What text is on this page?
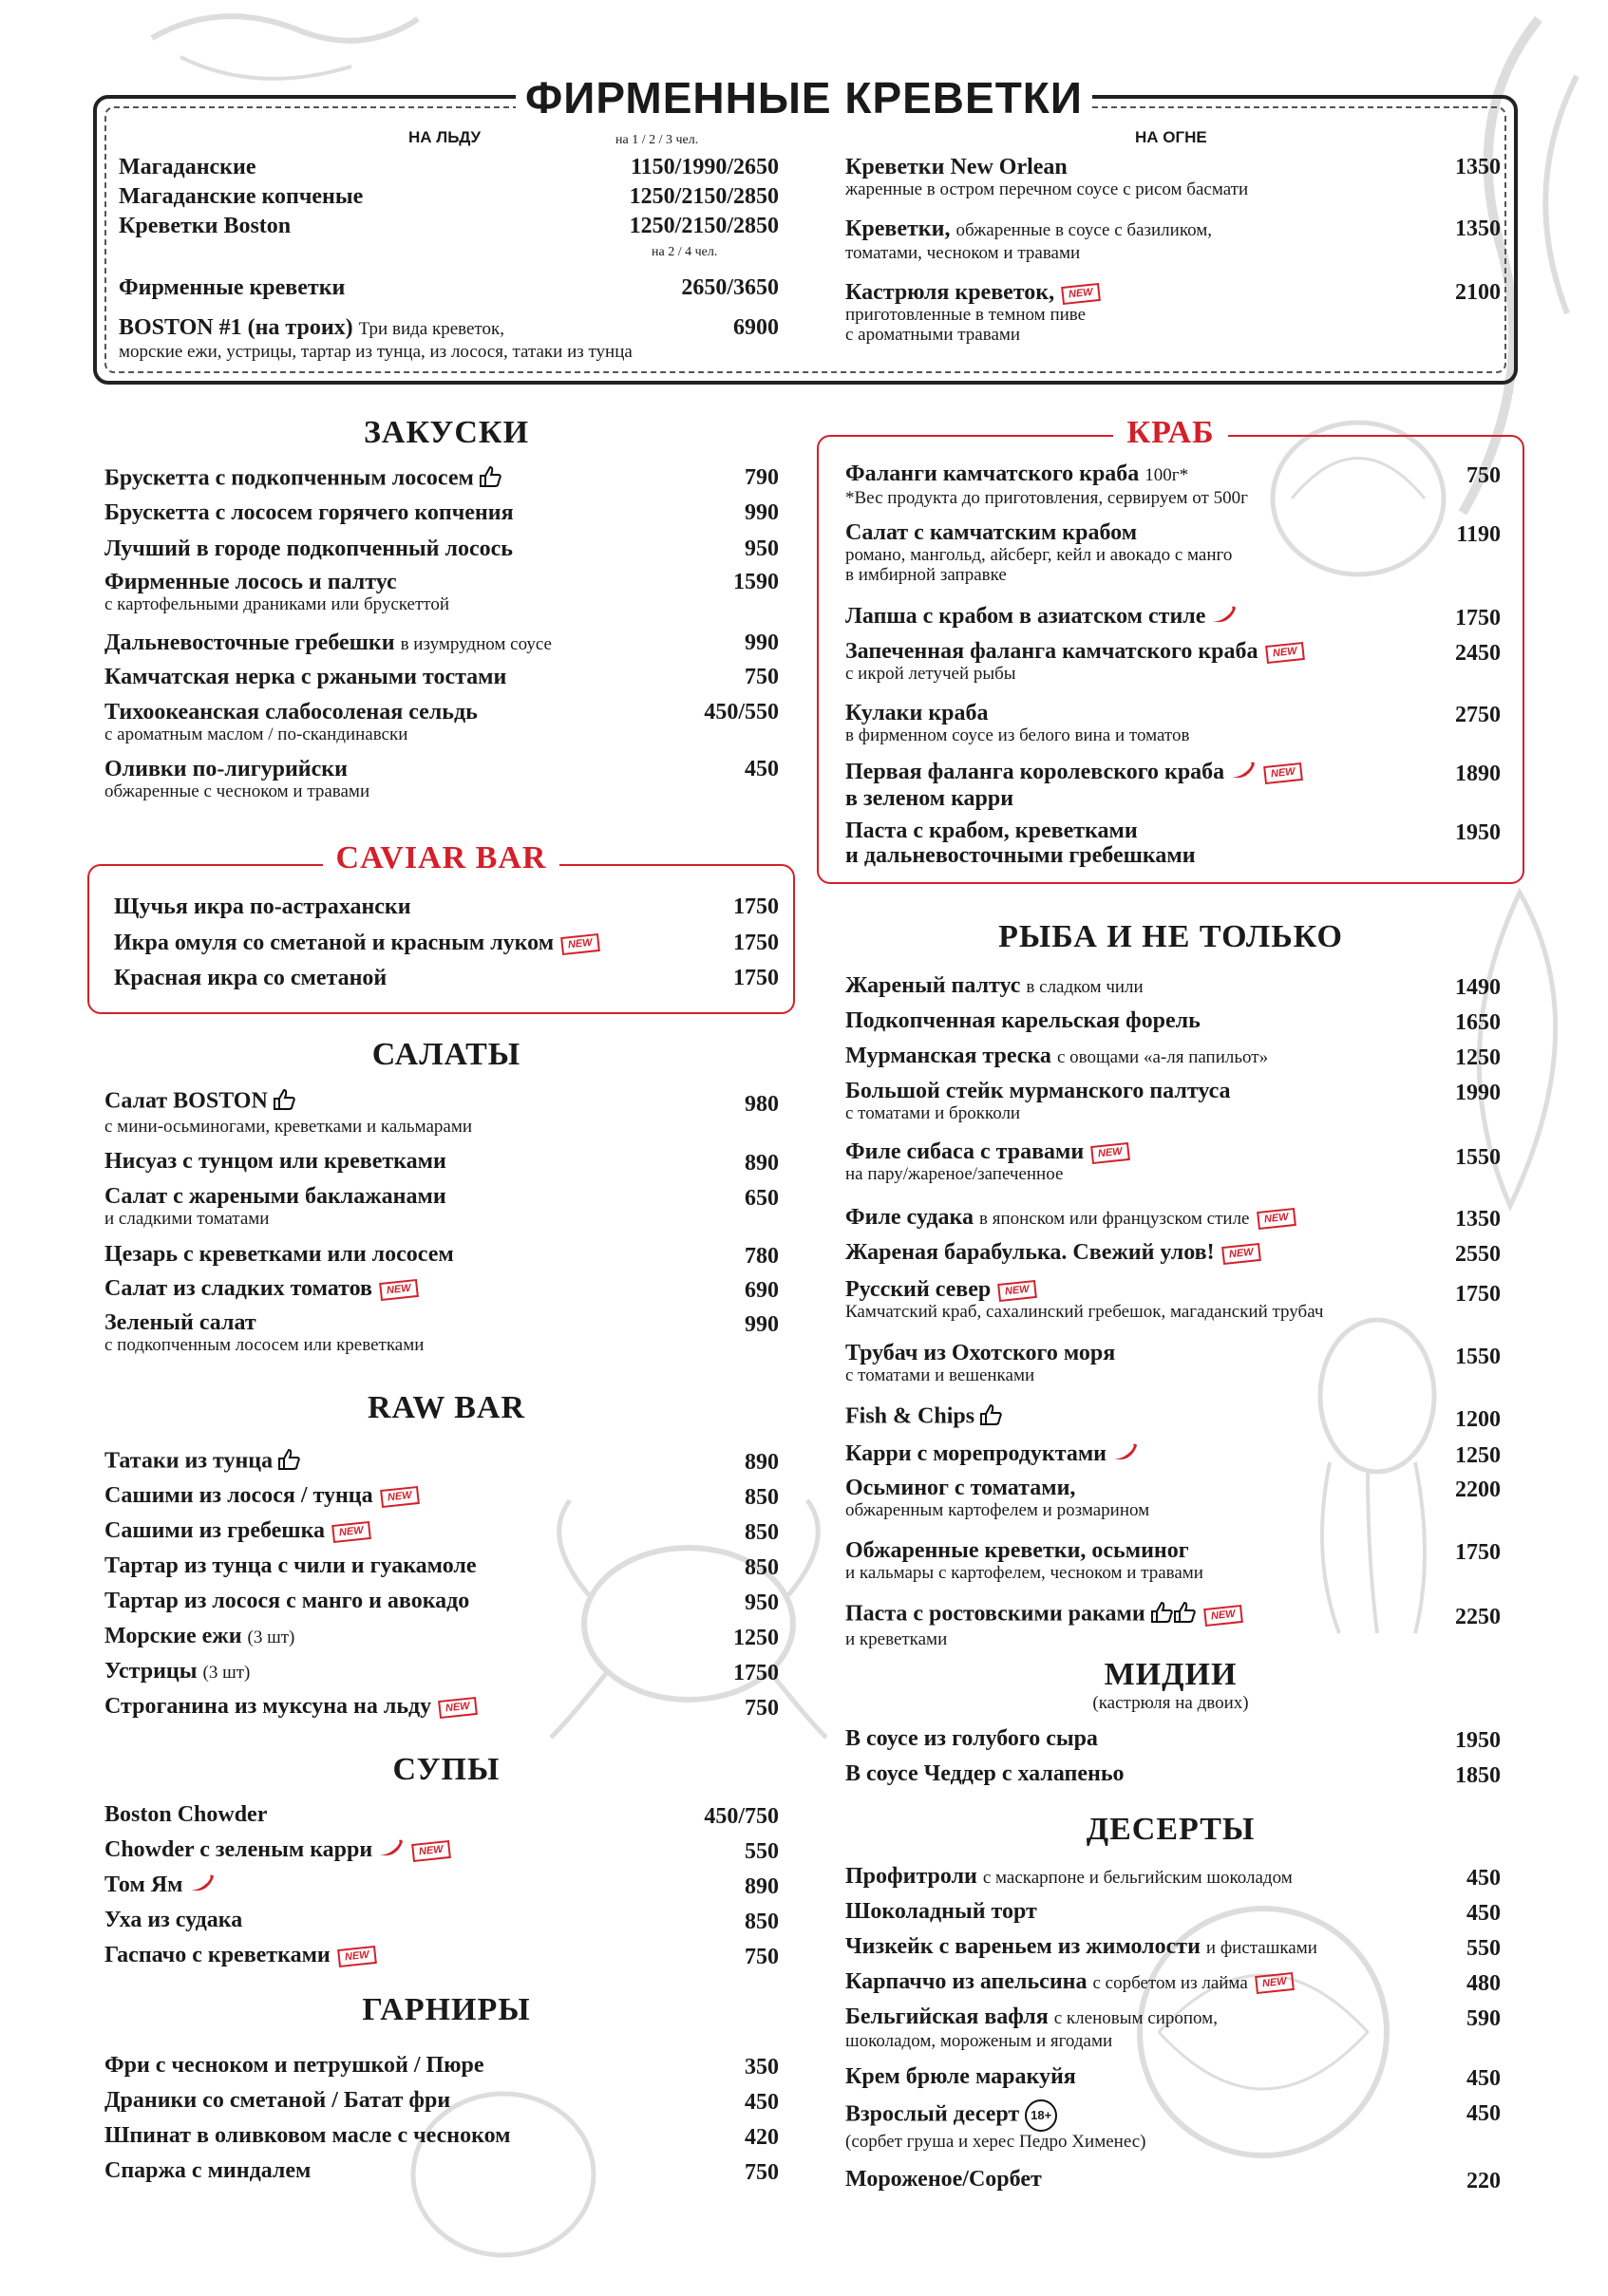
ФИРМЕННЫЕ КРЕВЕТКИ
НА ЛЬДУ	на 1 / 2 / 3 чел.	НА ОГНЕ
Магаданские	1150/1990/2650
Магаданские копченые	1250/2150/2850
Креветки Boston	1250/2150/2850
на 2 / 4 чел.
Фирменные креветки	2650/3650
BOSTON #1 (на троих) Три вида креветок,
морские ежи, устрицы, тартар из тунца, из лосося, татаки из тунца
6900
Креветки New Orlean
жаренные в остром перечном соусе с рисом басмати
1350
Креветки, обжаренные в соусе с базиликом,
томатами, чесноком и травами
1350
Кастрюля креветок, NEW
приготовленные в темном пиве
с ароматными травами
2100
ЗАКУСКИ
Брускетта с подкопченным лососем	790
Брускетта с лососем горячего копчения	990
Лучший в городе подкопченный лосось	950
Фирменные лосось и палтус
с картофельными драниками или брускеттой
1590
Дальневосточные гребешки в изумрудном соусе	990
Камчатская нерка с ржаными тостами	750
Тихоокеанская слабосоленая сельдь
с ароматным маслом / по-скандинавски
450/550
Оливки по-лигурийски
обжаренные с чесноком и травами
450
CAVIAR BAR
Щучья икра по-астрахански	1750
Икра омуля со сметаной и красным луком NEW	1750
Красная икра со сметаной	1750
САЛАТЫ
Салат BOSTON
с мини-осьминогами, креветками и кальмарами
980
Нисуаз с тунцом или креветками	890
Салат с жареными баклажанами
и сладкими томатами
650
Цезарь с креветками или лососем	780
Салат из сладких томатов NEW	690
Зеленый салат
с подкопченным лососем или креветками
990
RAW BAR
Татаки из тунца	890
Сашими из лосося / тунца NEW	850
Сашими из гребешка NEW	850
Тартар из тунца с чили и гуакамоле	850
Тартар из лосося с манго и авокадо	950
Морские ежи (3 шт)	1250
Устрицы (3 шт)	1750
Строганина из муксуна на льду NEW	750
СУПЫ
Boston Chowder	450/750
Chowder с зеленым карри	NEW	550
Том Ям	890
Уха из судака	850
Гаспачо с креветками NEW	750
ГАРНИРЫ
Фри с чесноком и петрушкой / Пюре	350
Драники со сметаной / Батат фри	450
Шпинат в оливковом масле с чесноком	420
Спаржа с миндалем	750
КРАБ
Фаланги камчатского краба 100г*
*Вес продукта до приготовления, сервируем от 500г
750
Салат с камчатским крабом
романо, мангольд, айсберг, кейл и авокадо с манго
в имбирной заправке
1190
Лапша с крабом в азиатском стиле	1750
Запеченная фаланга камчатского краба NEW
с икрой летучей рыбы
2450
Кулаки краба
в фирменном соусе из белого вина и томатов
2750
Первая фаланга королевского краба	NEW
в зеленом карри
1890
Паста с крабом, креветками
и дальневосточными гребешками
1950
РЫБА И НЕ ТОЛЬКО
Жареный палтус в сладком чили	1490
Подкопченная карельская форель	1650
Мурманская треска с овощами «а-ля папильот»	1250
Большой стейк мурманского палтуса
с томатами и брокколи
1990
Филе сибаса с травами NEW
на пару/жареное/запеченное
1550
Филе судака в японском или французском стиле NEW	1350
Жареная барабулька. Свежий улов! NEW	2550
Русский север NEW
Камчатский краб, сахалинский гребешок, магаданский трубач
1750
Трубач из Охотского моря
с томатами и вешенками
1550
Fish & Chips	1200
Карри с морепродуктами	1250
Осьминог с томатами,
обжаренным картофелем и розмарином
2200
Обжаренные креветки, осьминог
и кальмары с картофелем, чесноком и травами
1750
Паста с ростовскими раками	NEW
и креветками
2250
МИДИИ
(кастрюля на двоих)
В соусе из голубого сыра	1950
В соусе Чеддер с халапеньо	1850
ДЕСЕРТЫ
Профитроли с маскарпоне и бельгийским шоколадом	450
Шоколадный торт	450
Чизкейк с вареньем из жимолости и фисташками	550
Карпаччо из апельсина с сорбетом из лайма NEW	480
Бельгийская вафля с кленовым сиропом,
шоколадом, мороженым и ягодами
590
Крем брюле маракуйя	450
Взрослый десерт 18+
(сорбет груша и херес Педро Хименес)
450
Мороженое/Сорбет	220
